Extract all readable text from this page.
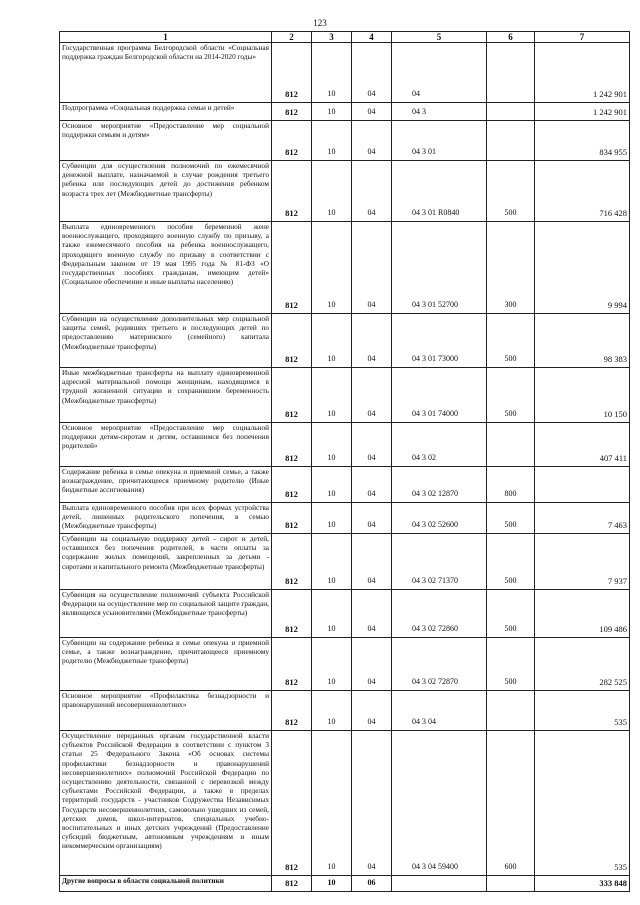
123
1	2	3	4	5	6	7
Государственная программа Белгородской области «Социальная поддержка граждан Белгородской области на 2014-2020 годы»	812	10	04	04		1 242 901
Подпрограмма «Социальная поддержка семьи и детей»	812	10	04	04 3		1 242 901
Основное мероприятие «Предоставление мер социальной поддержки семьям и детям»	812	10	04	04 3 01		834 955
Субвенции для осуществления полномочий по ежемесячной денежной выплате, назначаемой в случае рождения третьего ребенка или последующих детей до достижения ребенком возраста трех лет (Межбюджетные трансферты)	812	10	04	04 3 01 R0840	500	716 428
Выплата единовременного пособия беременной жене военнослужащего, проходящего военную службу по призыву, а также ежемесячного пособия на ребенка военнослужащего, проходящего военную службу по призыву в соответствии с Федеральным законом от 19 мая 1995 года № 81-ФЗ «О государственных пособиях гражданам, имеющим детей» (Социальное обеспечение и иные выплаты населению)	812	10	04	04 3 01 52700	300	9 994
Субвенции на осуществление дополнительных мер социальной защиты семей, родивших третьего и последующих детей по предоставлению материнского (семейного) капитала (Межбюджетные трансферты)	812	10	04	04 3 01 73000	500	98 383
Иные межбюджетные трансферты на выплату единовременной адресной материальной помощи женщинам, находящимся в трудной жизненной ситуации и сохранившим беременность (Межбюджетные трансферты)	812	10	04	04 3 01 74000	500	10 150
Основное мероприятие «Предоставление мер социальной поддержки детям-сиротам и детям, оставшимся без попечения родителей»	812	10	04	04 3 02		407 411
Содержание ребенка в семье опекуна и приемной семье, а также вознаграждение, причитающееся приемному родителю (Иные бюджетные ассигнования)	812	10	04	04 3 02 12870	800	
Выплата единовременного пособия при всех формах устройства детей, лишенных родительского попечения, в семью (Межбюджетные трансферты)	812	10	04	04 3 02 52600	500	7 463
Субвенции на социальную поддержку детей - сирот и детей, оставшихся без попечения родителей, в части оплаты за содержание жилых помещений, закрепленных за детьми - сиротами и капитального ремонта (Межбюджетные трансферты)	812	10	04	04 3 02 71370	500	7 937
Субвенция на осуществление полномочий субъекта Российской Федерации на осуществление мер по социальной защите граждан, являющихся усыновителями (Межбюджетные трансферты)	812	10	04	04 3 02 72860	500	109 486
Субвенции на содержание ребенка в семье опекуна и приемной семье, а также вознаграждение, причитающееся приемному родителю (Межбюджетные трансферты)	812	10	04	04 3 02 72870	500	282 525
Основное мероприятие «Профилактика безнадзорности и правонарушений несовершеннолетних»	812	10	04	04 3 04		535
Осуществление переданных органам государственной власти субъектов Российской Федерации в соответствии с пунктом 3 статьи 25 Федерального Закона «Об основах системы профилактики безнадзорности и правонарушений несовершеннолетних» полномочий Российской Федерации по осуществлению деятельности, связанной с перевозкой между субъектами Российской Федерации, а также в пределах территорий государств - участников Содружества Независимых Государств несовершеннолетних, самовольно ушедших из семей, детских домов, школ-интернатов, специальных учебно-воспитательных и иных детских учреждений (Предоставление субсидий бюджетным, автономным учреждениям и иным некоммерческим организациям)	812	10	04	04 3 04 59400	600	535
Другие вопросы в области социальной политики	812	10	06			333 848
